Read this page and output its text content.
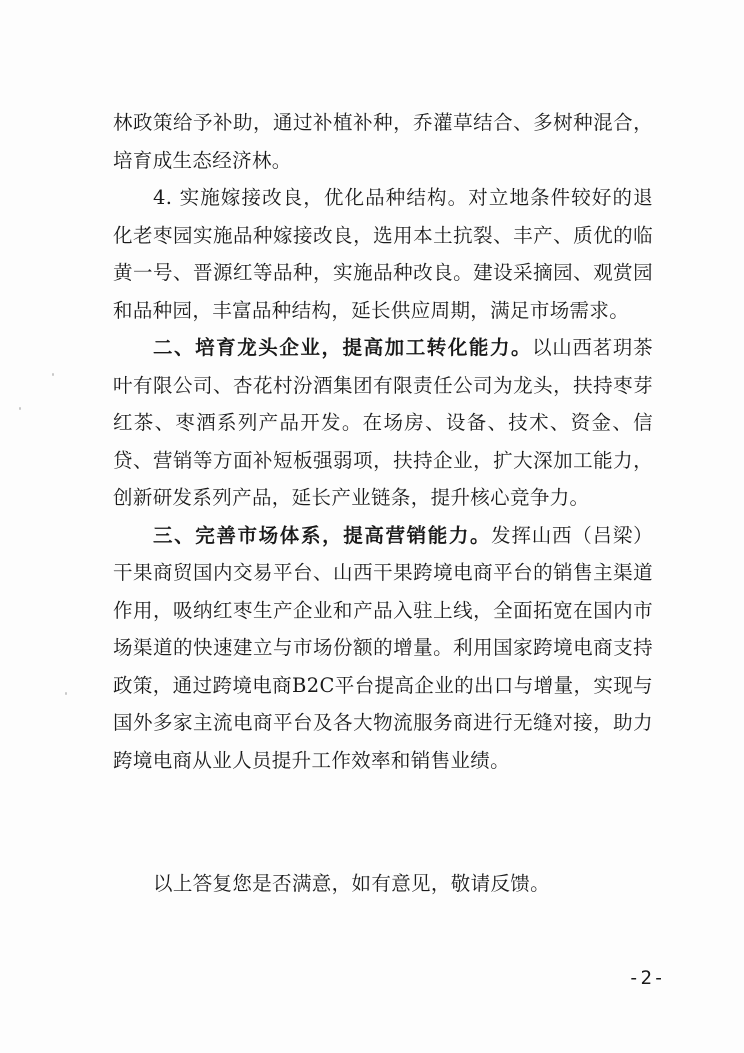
林政策给予补助，通过补植补种，乔灌草结合、多树种混合，培育成生态经济林。

4. 实施嫁接改良，优化品种结构。对立地条件较好的退化老枣园实施品种嫁接改良，选用本土抗裂、丰产、质优的临黄一号、晋源红等品种，实施品种改良。建设采摘园、观赏园和品种园，丰富品种结构，延长供应周期，满足市场需求。

二、培育龙头企业，提高加工转化能力。以山西茗玥茶叶有限公司、杏花村汾酒集团有限责任公司为龙头，扶持枣芽红茶、枣酒系列产品开发。在场房、设备、技术、资金、信贷、营销等方面补短板强弱项，扶持企业，扩大深加工能力，创新研发系列产品，延长产业链条，提升核心竞争力。

三、完善市场体系，提高营销能力。发挥山西（吕梁）干果商贸国内交易平台、山西干果跨境电商平台的销售主渠道作用，吸纳红枣生产企业和产品入驻上线，全面拓宽在国内市场渠道的快速建立与市场份额的增量。利用国家跨境电商支持政策，通过跨境电商B2C平台提高企业的出口与增量，实现与国外多家主流电商平台及各大物流服务商进行无缝对接，助力跨境电商从业人员提升工作效率和销售业绩。

以上答复您是否满意，如有意见，敬请反馈。
-2-
